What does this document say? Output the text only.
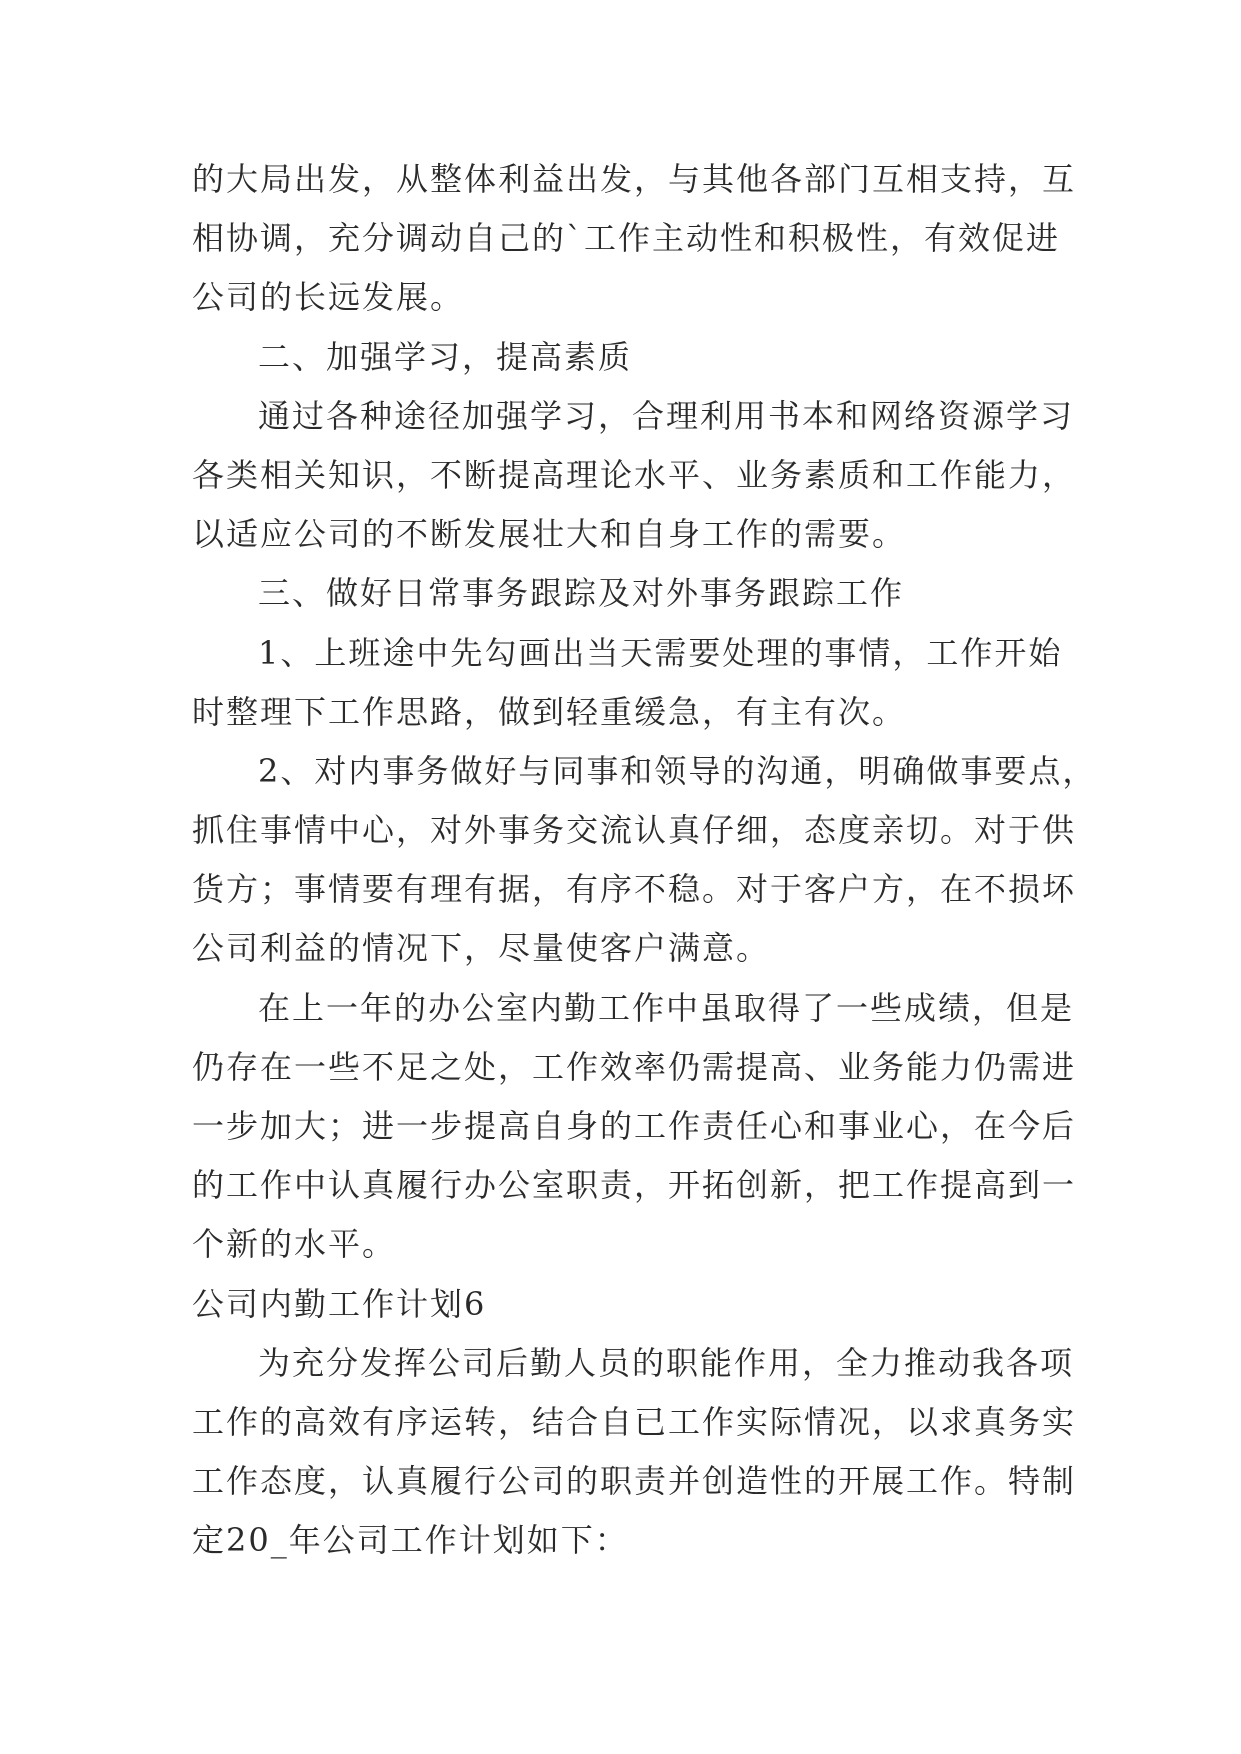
的大局出发，从整体利益出发，与其他各部门互相支持，互
相协调，充分调动自己的`工作主动性和积极性，有效促进
公司的长远发展。
二、加强学习，提高素质
通过各种途径加强学习，合理利用书本和网络资源学习
各类相关知识，不断提高理论水平、业务素质和工作能力，
以适应公司的不断发展壮大和自身工作的需要。
三、做好日常事务跟踪及对外事务跟踪工作
1、上班途中先勾画出当天需要处理的事情，工作开始
时整理下工作思路，做到轻重缓急，有主有次。
2、对内事务做好与同事和领导的沟通，明确做事要点，
抓住事情中心，对外事务交流认真仔细，态度亲切。对于供
货方；事情要有理有据，有序不稳。对于客户方，在不损坏
公司利益的情况下，尽量使客户满意。
在上一年的办公室内勤工作中虽取得了一些成绩，但是
仍存在一些不足之处，工作效率仍需提高、业务能力仍需进
一步加大；进一步提高自身的工作责任心和事业心，在今后
的工作中认真履行办公室职责，开拓创新，把工作提高到一
个新的水平。
公司内勤工作计划6
为充分发挥公司后勤人员的职能作用，全力推动我各项
工作的高效有序运转，结合自已工作实际情况，以求真务实
工作态度，认真履行公司的职责并创造性的开展工作。特制
定20_年公司工作计划如下：
